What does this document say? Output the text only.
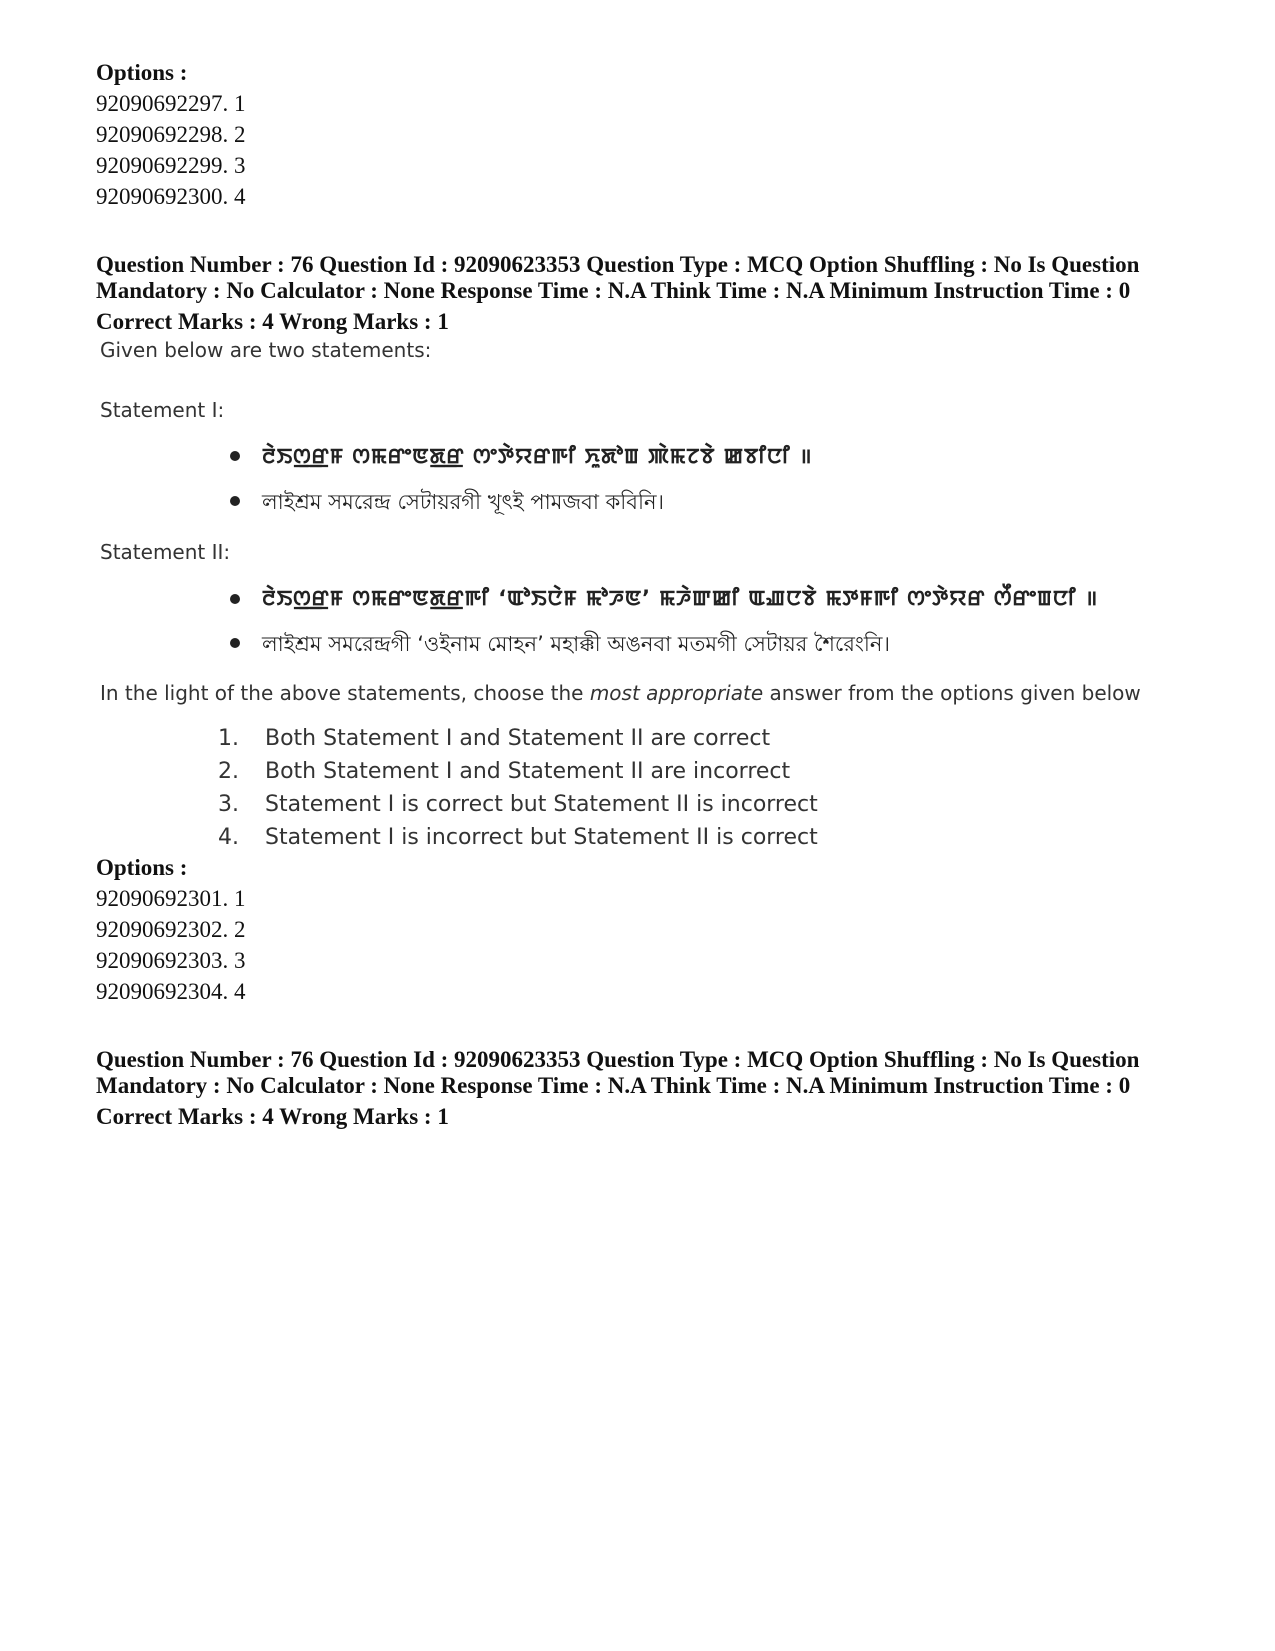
Options :
92090692297. 1
92090692298. 2
92090692299. 3
92090692300. 4
Question Number : 76 Question Id : 92090623353 Question Type : MCQ Option Shuffling : No Is Question
Mandatory : No Calculator : None Response Time : N.A Think Time : N.A Minimum Instruction Time : 0
Correct Marks : 4 Wrong Marks : 1
Given below are two statements:
Statement I:
ꯂꯥꯏꯁ꯭ꯔꯝ ꯁꯃꯔꯦꯟꯗ꯭ꯔ ꯁꯦꯇꯥꯌꯔꯒꯤ ꯈꯨꯗꯣꯡ ꯄꯥꯃꯖꯕꯥ ꯀꯕꯤꯅꯤ ॥
লাইশ্রম সমরেন্দ্র সেটায়রগী খূৎই পামজবা কবিনি।
Statement II:
ꯂꯥꯏꯁ꯭ꯔꯝ ꯁꯃꯔꯦꯟꯗ꯭ꯔꯒꯤ ‘ꯑꯣꯏꯅꯥꯝ ꯃꯣꯍꯟ’ ꯃꯍꯥꯛꯀꯤ ꯑꯉꯅꯕꯥ ꯃꯇꯝꯒꯤ ꯁꯦꯇꯥꯌꯔ ꯁꯩꯔꯦꯡꯅꯤ ॥
লাইশ্রম সমরেন্দ্রগী ‘ওইনাম মোহন’ মহাক্কী অঙনবা মতমগী সেটায়র শৈরেংনি।
In the light of the above statements, choose the most appropriate answer from the options given below
1. Both Statement I and Statement II are correct
2. Both Statement I and Statement II are incorrect
3. Statement I is correct but Statement II is incorrect
4. Statement I is incorrect but Statement II is correct
Options :
92090692301. 1
92090692302. 2
92090692303. 3
92090692304. 4
Question Number : 76 Question Id : 92090623353 Question Type : MCQ Option Shuffling : No Is Question
Mandatory : No Calculator : None Response Time : N.A Think Time : N.A Minimum Instruction Time : 0
Correct Marks : 4 Wrong Marks : 1
